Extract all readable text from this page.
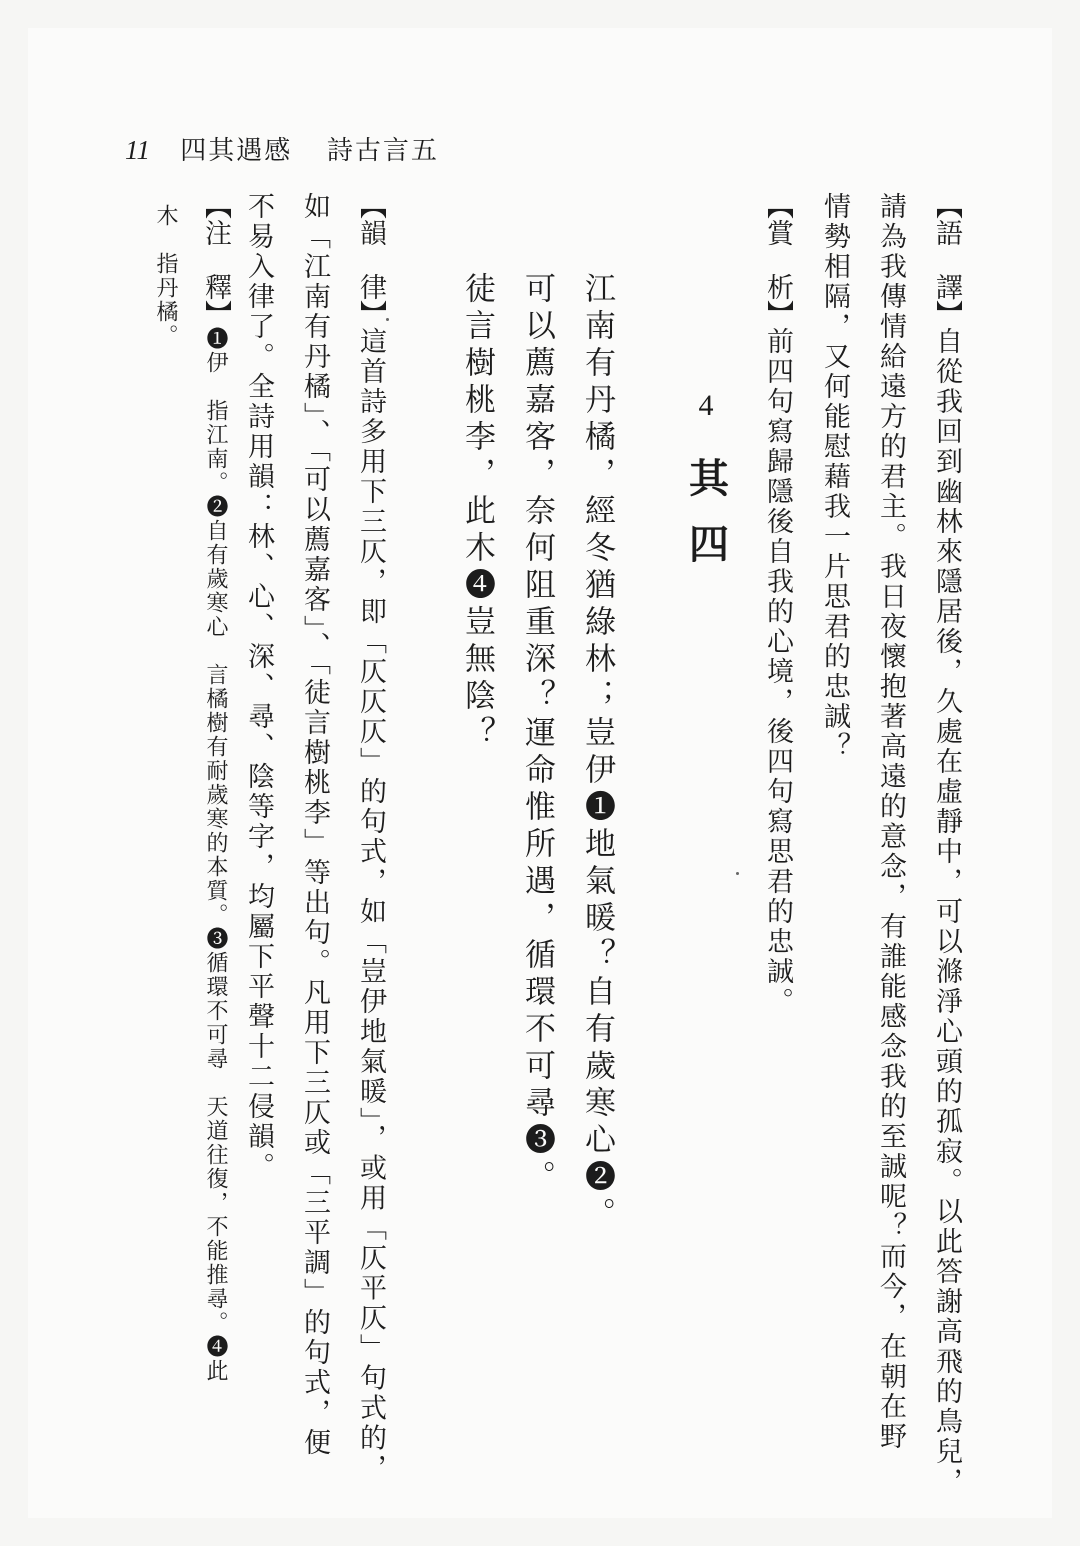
11 四其遇感 詩古言五
【語　譯】自從我回到幽林來隱居後，久處在虛靜中，可以滌淨心頭的孤寂。以此答謝高飛的鳥兒，
請為我傳情給遠方的君主。我日夜懷抱著高遠的意念，有誰能感念我的至誠呢？而今，在朝在野
情勢相隔，又何能慰藉我一片思君的忠誠？
【賞　析】前四句寫歸隱後自我的心境，後四句寫思君的忠誠。
4
其四
江南有丹橘，經冬猶綠林；豈伊❶地氣暖？自有歲寒心❷。
可以薦嘉客，奈何阻重深？運命惟所遇，循環不可尋❸。
徒言樹桃李，此木❹豈無陰？
【韻　律】這首詩多用下三仄，即「仄仄仄」的句式，如「豈伊地氣暖」，或用「仄平仄」句式的，
如「江南有丹橘」、「可以薦嘉客」、「徒言樹桃李」等出句。凡用下三仄或「三平調」的句式，便
不易入律了。全詩用韻：林、心、深、尋、陰等字，均屬下平聲十二侵韻。
【注　釋】❶伊　指江南。❷自有歲寒心　言橘樹有耐歲寒的本質。❸循環不可尋　天道往復，不能推尋。❹此
木　指丹橘。
